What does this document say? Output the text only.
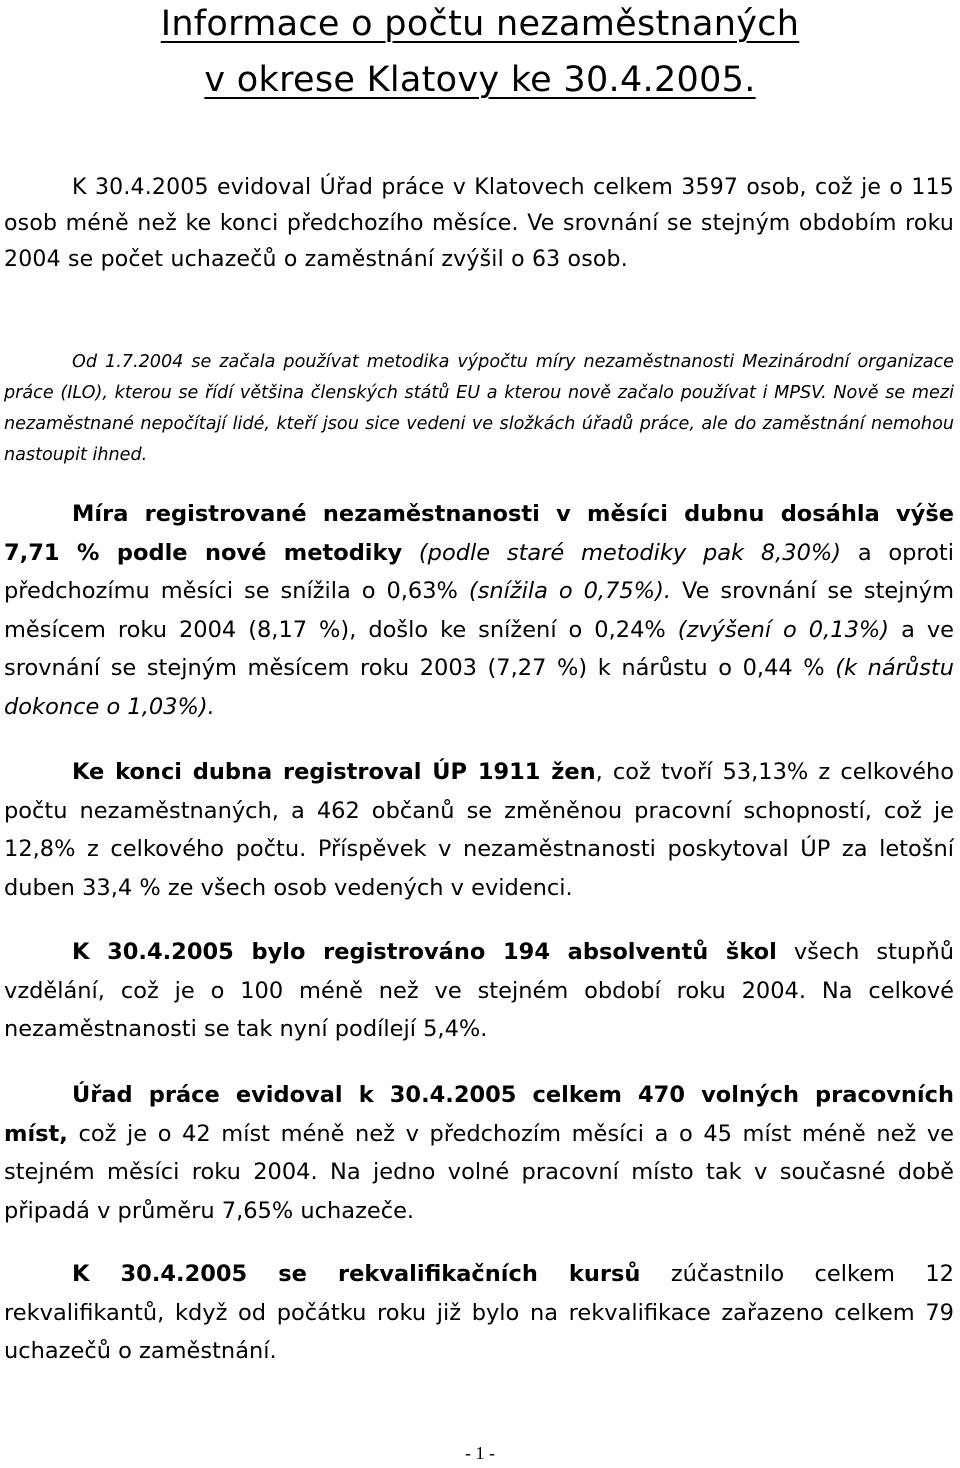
Informace o počtu nezaměstnaných
v okrese Klatovy ke 30.4.2005.
K 30.4.2005 evidoval Úřad práce v Klatovech celkem 3597 osob, což je o 115 osob méně než ke konci předchozího měsíce. Ve srovnání se stejným obdobím roku 2004 se počet uchazečů o zaměstnání zvýšil o 63 osob.
Od 1.7.2004 se začala používat metodika výpočtu míry nezaměstnanosti Mezinárodní organizace práce (ILO), kterou se řídí většina členských států EU a kterou nově začalo používat i MPSV. Nově se mezi nezaměstnané nepočítají lidé, kteří jsou sice vedeni ve složkách úřadů práce, ale do zaměstnání nemohou nastoupit ihned.
Míra registrované nezaměstnanosti v měsíci dubnu dosáhla výše 7,71 % podle nové metodiky (podle staré metodiky pak 8,30%) a oproti předchozímu měsíci se snížila o 0,63% (snížila o 0,75%). Ve srovnání se stejným měsícem roku 2004 (8,17 %), došlo ke snížení o 0,24% (zvýšení o 0,13%) a ve srovnání se stejným měsícem roku 2003 (7,27 %) k nárůstu o 0,44 % (k nárůstu dokonce o 1,03%).
Ke konci dubna registroval ÚP 1911 žen, což tvoří 53,13% z celkového počtu nezaměstnaných, a 462 občanů se změněnou pracovní schopností, což je 12,8% z celkového počtu. Příspěvek v nezaměstnanosti poskytoval ÚP za letošní duben 33,4 % ze všech osob vedených v evidenci.
K 30.4.2005 bylo registrováno 194 absolventů škol všech stupňů vzdělání, což je o 100 méně než ve stejném období roku 2004. Na celkové nezaměstnanosti se tak nyní podílejí 5,4%.
Úřad práce evidoval k 30.4.2005 celkem 470 volných pracovních míst, což je o 42 míst méně než v předchozím měsíci a o 45 míst méně než ve stejném měsíci roku 2004. Na jedno volné pracovní místo tak v současné době připadá v průměru 7,65% uchazeče.
K 30.4.2005 se rekvalifikačních kursů zúčastnilo celkem 12 rekvalifikantů, když od počátku roku již bylo na rekvalifikace zařazeno celkem 79 uchazečů o zaměstnání.
- 1 -
